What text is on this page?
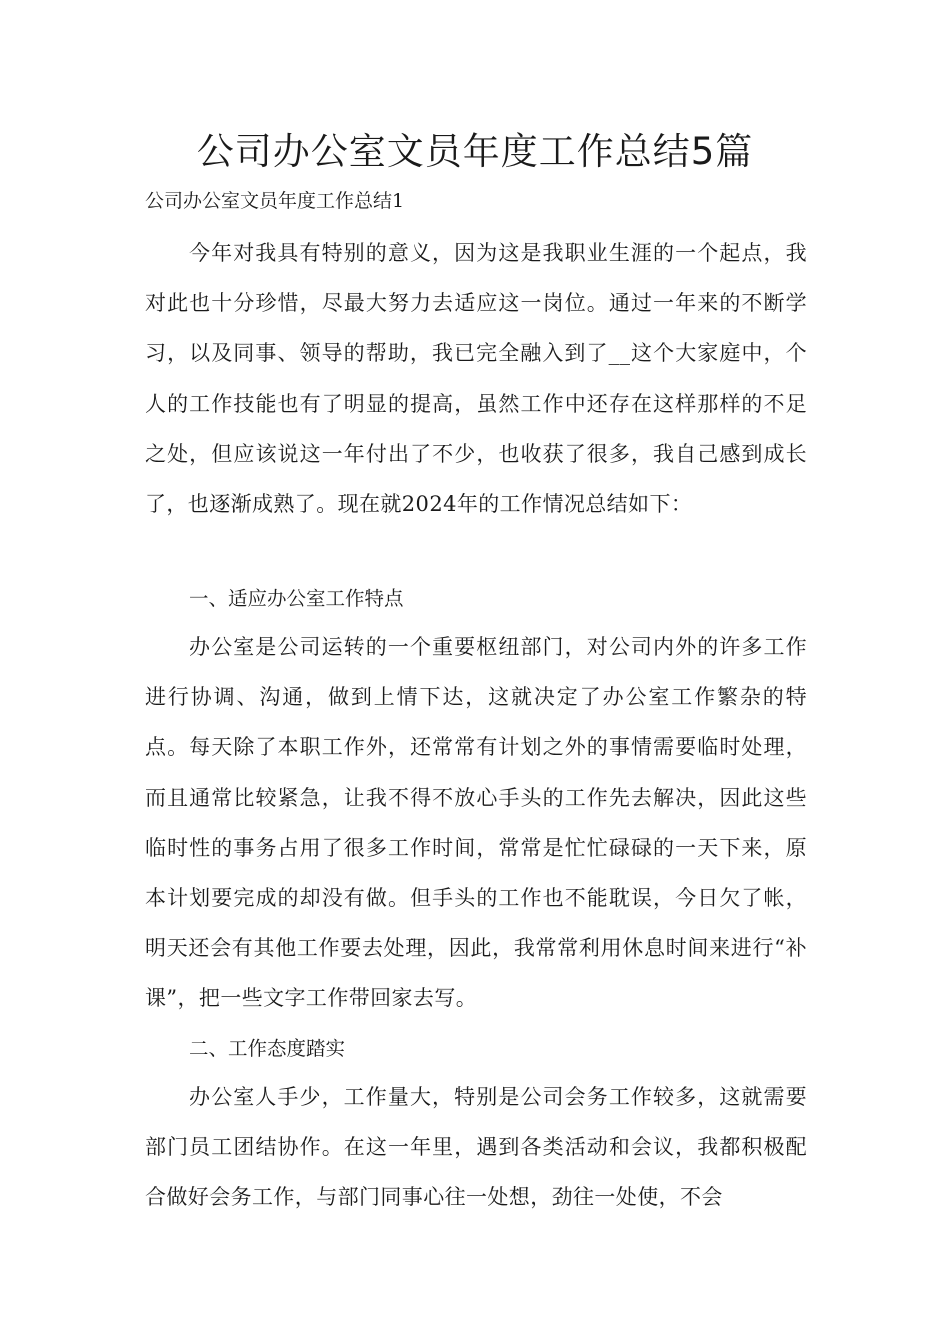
公司办公室文员年度工作总结5篇

公司办公室文员年度工作总结1

今年对我具有特别的意义，因为这是我职业生涯的一个起点，我对此也十分珍惜，尽最大努力去适应这一岗位。通过一年来的不断学习，以及同事、领导的帮助，我已完全融入到了__这个大家庭中，个人的工作技能也有了明显的提高，虽然工作中还存在这样那样的不足之处，但应该说这一年付出了不少，也收获了很多，我自己感到成长了，也逐渐成熟了。现在就2024年的工作情况总结如下：

一、适应办公室工作特点

办公室是公司运转的一个重要枢纽部门，对公司内外的许多工作进行协调、沟通，做到上情下达，这就决定了办公室工作繁杂的特点。每天除了本职工作外，还常常有计划之外的事情需要临时处理，而且通常比较紧急，让我不得不放心手头的工作先去解决，因此这些临时性的事务占用了很多工作时间，常常是忙忙碌碌的一天下来，原本计划要完成的却没有做。但手头的工作也不能耽误，今日欠了帐，明天还会有其他工作要去处理，因此，我常常利用休息时间来进行“补课”，把一些文字工作带回家去写。

二、工作态度踏实

办公室人手少，工作量大，特别是公司会务工作较多，这就需要部门员工团结协作。在这一年里，遇到各类活动和会议，我都积极配合做好会务工作，与部门同事心往一处想，劲往一处使，不会
